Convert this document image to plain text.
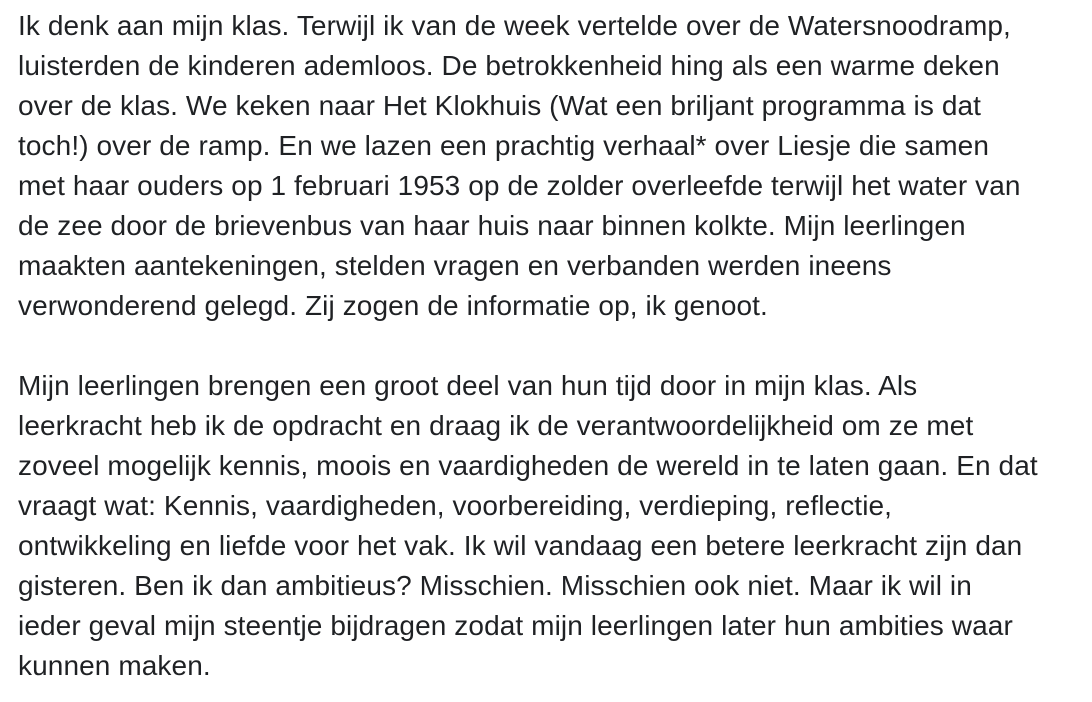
Ik denk aan mijn klas. Terwijl ik van de week vertelde over de Watersnoodramp,
luisterden de kinderen ademloos. De betrokkenheid hing als een warme deken
over de klas. We keken naar Het Klokhuis (Wat een briljant programma is dat
toch!) over de ramp. En we lazen een prachtig verhaal* over Liesje die samen
met haar ouders op 1 februari 1953 op de zolder overleefde terwijl het water van
de zee door de brievenbus van haar huis naar binnen kolkte. Mijn leerlingen
maakten aantekeningen, stelden vragen en verbanden werden ineens
verwonderend gelegd. Zij zogen de informatie op, ik genoot.
Mijn leerlingen brengen een groot deel van hun tijd door in mijn klas. Als
leerkracht heb ik de opdracht en draag ik de verantwoordelijkheid om ze met
zoveel mogelijk kennis, moois en vaardigheden de wereld in te laten gaan. En dat
vraagt wat: Kennis, vaardigheden, voorbereiding, verdieping, reflectie,
ontwikkeling en liefde voor het vak. Ik wil vandaag een betere leerkracht zijn dan
gisteren. Ben ik dan ambitieus? Misschien. Misschien ook niet. Maar ik wil in
ieder geval mijn steentje bijdragen zodat mijn leerlingen later hun ambities waar
kunnen maken.
